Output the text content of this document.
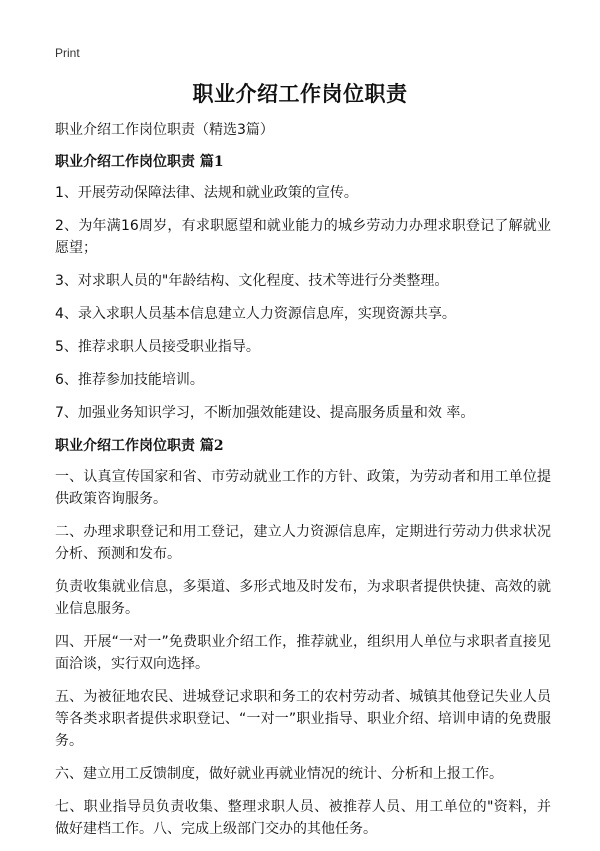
Print
职业介绍工作岗位职责

职业介绍工作岗位职责（精选3篇）

职业介绍工作岗位职责 篇1

1、开展劳动保障法律、法规和就业政策的宣传。

2、为年满16周岁，有求职愿望和就业能力的城乡劳动力办理求职登记了解就业愿望；

3、对求职人员的"年龄结构、文化程度、技术等进行分类整理。

4、录入求职人员基本信息建立人力资源信息库，实现资源共享。

5、推荐求职人员接受职业指导。

6、推荐参加技能培训。

7、加强业务知识学习，不断加强效能建设、提高服务质量和效 率。

职业介绍工作岗位职责 篇2

一、认真宣传国家和省、市劳动就业工作的方针、政策，为劳动者和用工单位提供政策咨询服务。

二、办理求职登记和用工登记，建立人力资源信息库，定期进行劳动力供求状况分析、预测和发布。

负责收集就业信息，多渠道、多形式地及时发布，为求职者提供快捷、高效的就业信息服务。

四、开展“一对一”免费职业介绍工作，推荐就业，组织用人单位与求职者直接见面洽谈，实行双向选择。

五、为被征地农民、进城登记求职和务工的农村劳动者、城镇其他登记失业人员等各类求职者提供求职登记、“一对一”职业指导、职业介绍、培训申请的免费服务。

六、建立用工反馈制度，做好就业再就业情况的统计、分析和上报工作。

七、职业指导员负责收集、整理求职人员、被推荐人员、用工单位的"资料，并做好建档工作。八、完成上级部门交办的其他任务。
